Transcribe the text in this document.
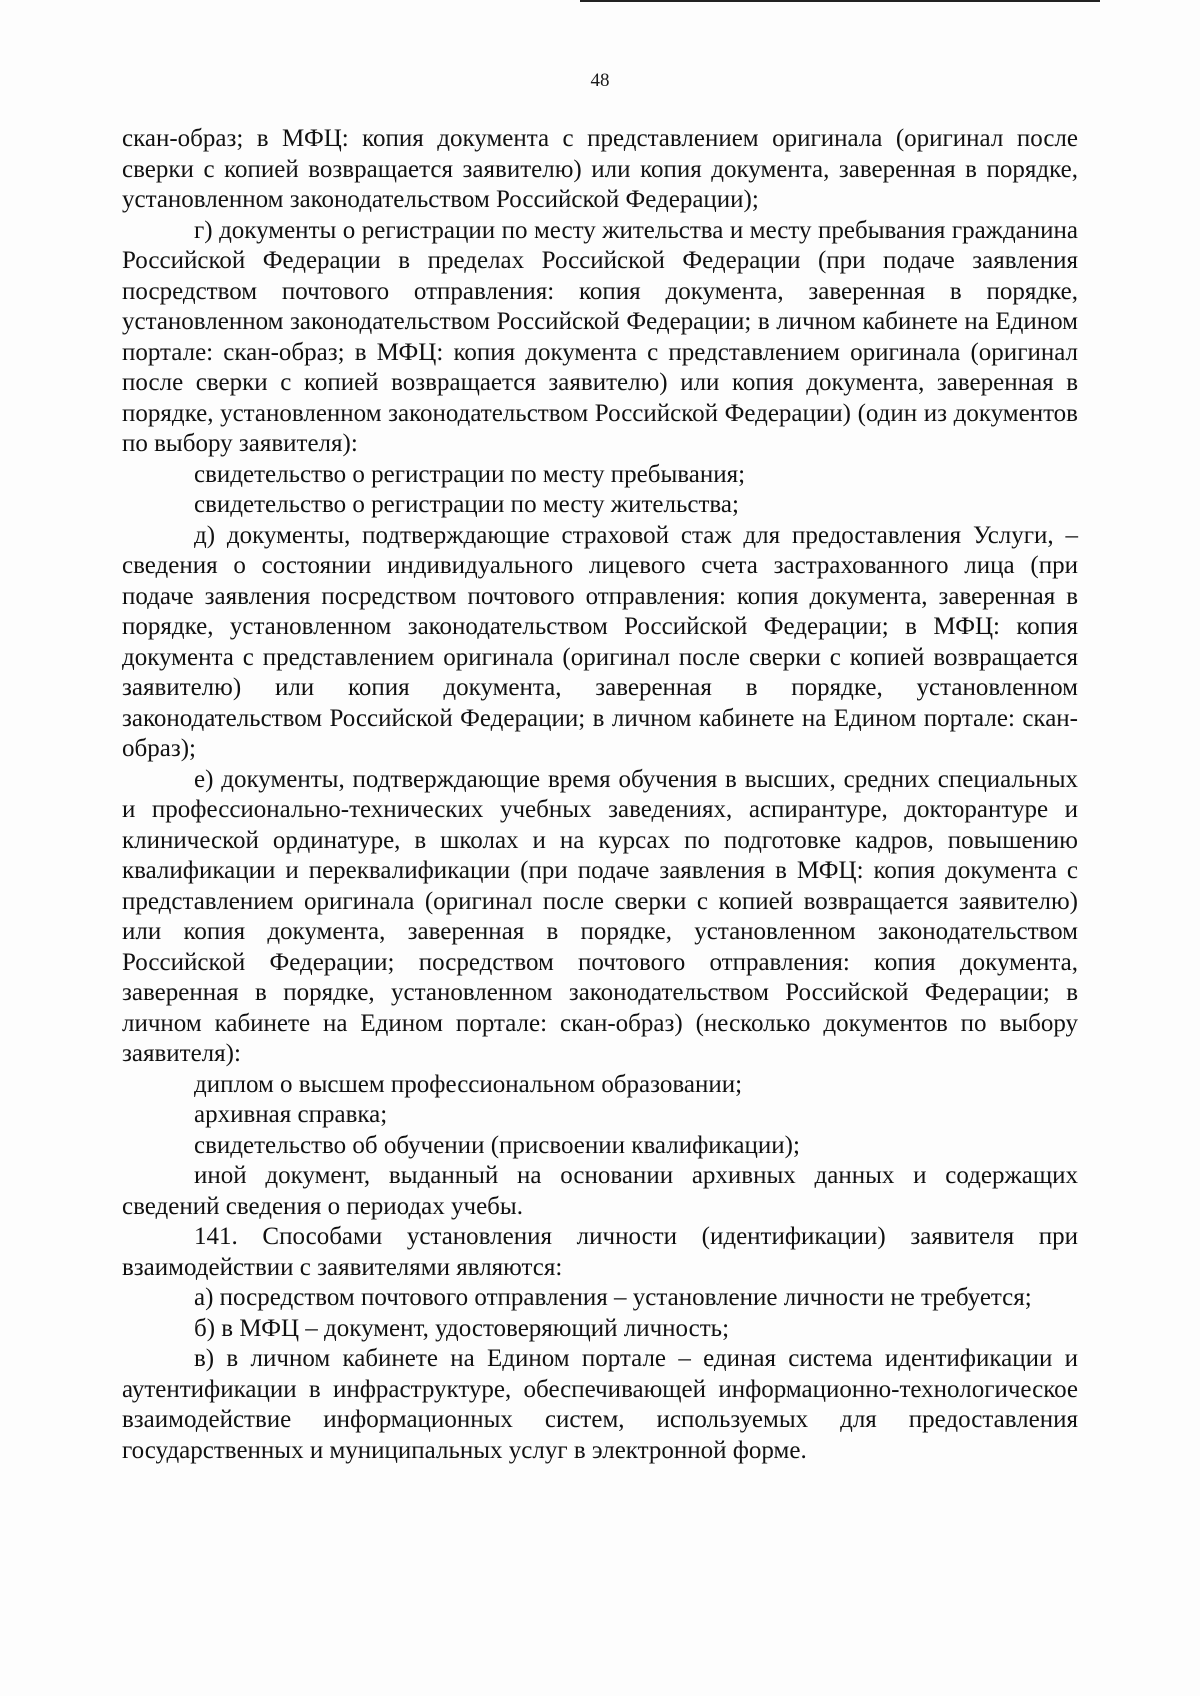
48

скан-образ; в МФЦ: копия документа с представлением оригинала (оригинал после сверки с копией возвращается заявителю) или копия документа, заверенная в порядке, установленном законодательством Российской Федерации);

г) документы о регистрации по месту жительства и месту пребывания гражданина Российской Федерации в пределах Российской Федерации (при подаче заявления посредством почтового отправления: копия документа, заверенная в порядке, установленном законодательством Российской Федерации; в личном кабинете на Едином портале: скан-образ; в МФЦ: копия документа с представлением оригинала (оригинал после сверки с копией возвращается заявителю) или копия документа, заверенная в порядке, установленном законодательством Российской Федерации) (один из документов по выбору заявителя):

свидетельство о регистрации по месту пребывания;

свидетельство о регистрации по месту жительства;

д) документы, подтверждающие страховой стаж для предоставления Услуги, – сведения о состоянии индивидуального лицевого счета застрахованного лица (при подаче заявления посредством почтового отправления: копия документа, заверенная в порядке, установленном законодательством Российской Федерации; в МФЦ: копия документа с представлением оригинала (оригинал после сверки с копией возвращается заявителю) или копия документа, заверенная в порядке, установленном законодательством Российской Федерации; в личном кабинете на Едином портале: скан-образ);

е) документы, подтверждающие время обучения в высших, средних специальных и профессионально-технических учебных заведениях, аспирантуре, докторантуре и клинической ординатуре, в школах и на курсах по подготовке кадров, повышению квалификации и переквалификации (при подаче заявления в МФЦ: копия документа с представлением оригинала (оригинал после сверки с копией возвращается заявителю) или копия документа, заверенная в порядке, установленном законодательством Российской Федерации; посредством почтового отправления: копия документа, заверенная в порядке, установленном законодательством Российской Федерации; в личном кабинете на Едином портале: скан-образ) (несколько документов по выбору заявителя):

диплом о высшем профессиональном образовании;

архивная справка;

свидетельство об обучении (присвоении квалификации);

иной документ, выданный на основании архивных данных и содержащих сведений сведения о периодах учебы.

141. Способами установления личности (идентификации) заявителя при взаимодействии с заявителями являются:

а) посредством почтового отправления – установление личности не требуется;

б) в МФЦ – документ, удостоверяющий личность;

в) в личном кабинете на Едином портале – единая система идентификации и аутентификации в инфраструктуре, обеспечивающей информационно-технологическое взаимодействие информационных систем, используемых для предоставления государственных и муниципальных услуг в электронной форме.
